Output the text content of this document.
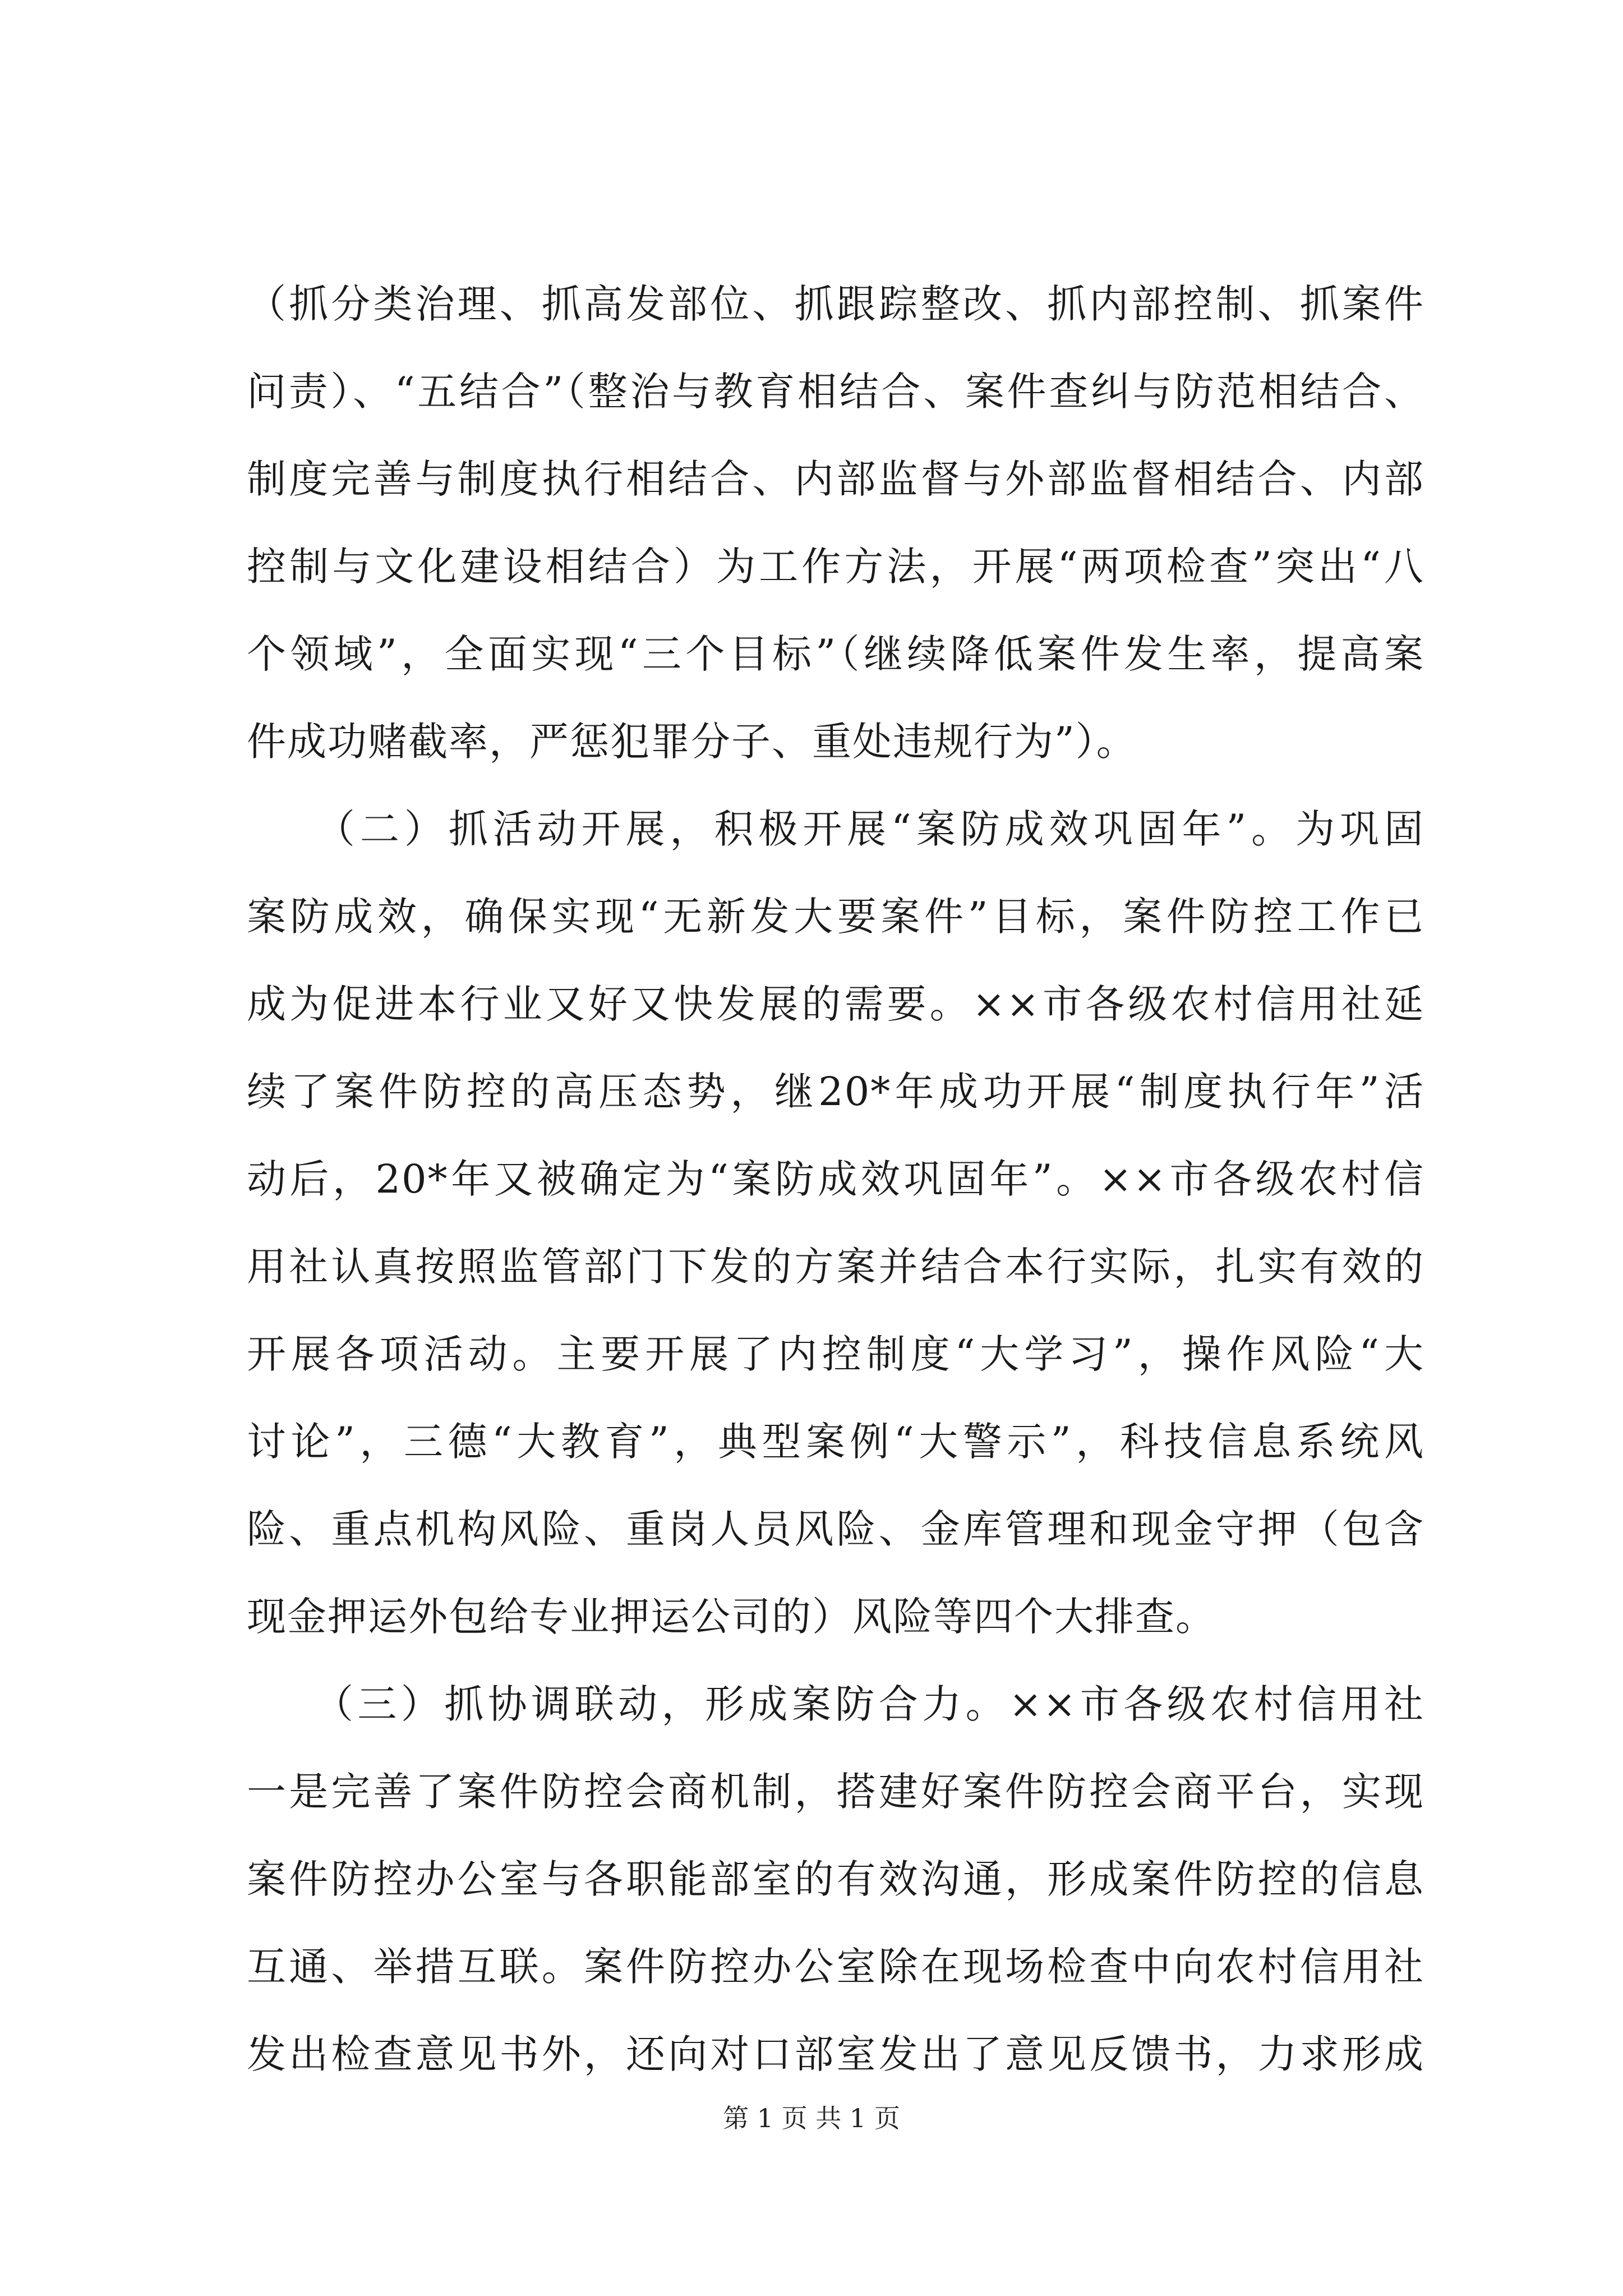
（抓分类治理、抓高发部位、抓跟踪整改、抓内部控制、抓案件
问责）、“五结合”（整治与教育相结合、案件查纠与防范相结合、
制度完善与制度执行相结合、内部监督与外部监督相结合、内部
控制与文化建设相结合）为工作方法，开展“两项检查”突出“八
个领域”，全面实现“三个目标”（继续降低案件发生率，提高案
件成功赌截率，严惩犯罪分子、重处违规行为”）。
　　（二）抓活动开展，积极开展“案防成效巩固年”。为巩固
案防成效，确保实现“无新发大要案件”目标，案件防控工作已
成为促进本行业又好又快发展的需要。××市各级农村信用社延
续了案件防控的高压态势，继20*年成功开展“制度执行年”活
动后，20*年又被确定为“案防成效巩固年”。××市各级农村信
用社认真按照监管部门下发的方案并结合本行实际，扎实有效的
开展各项活动。主要开展了内控制度“大学习”，操作风险“大
讨论”，三德“大教育”，典型案例“大警示”，科技信息系统风
险、重点机构风险、重岗人员风险、金库管理和现金守押（包含
现金押运外包给专业押运公司的）风险等四个大排查。
　　（三）抓协调联动，形成案防合力。××市各级农村信用社
一是完善了案件防控会商机制，搭建好案件防控会商平台，实现
案件防控办公室与各职能部室的有效沟通，形成案件防控的信息
互通、举措互联。案件防控办公室除在现场检查中向农村信用社
发出检查意见书外，还向对口部室发出了意见反馈书，力求形成
第 1 页 共 1 页
